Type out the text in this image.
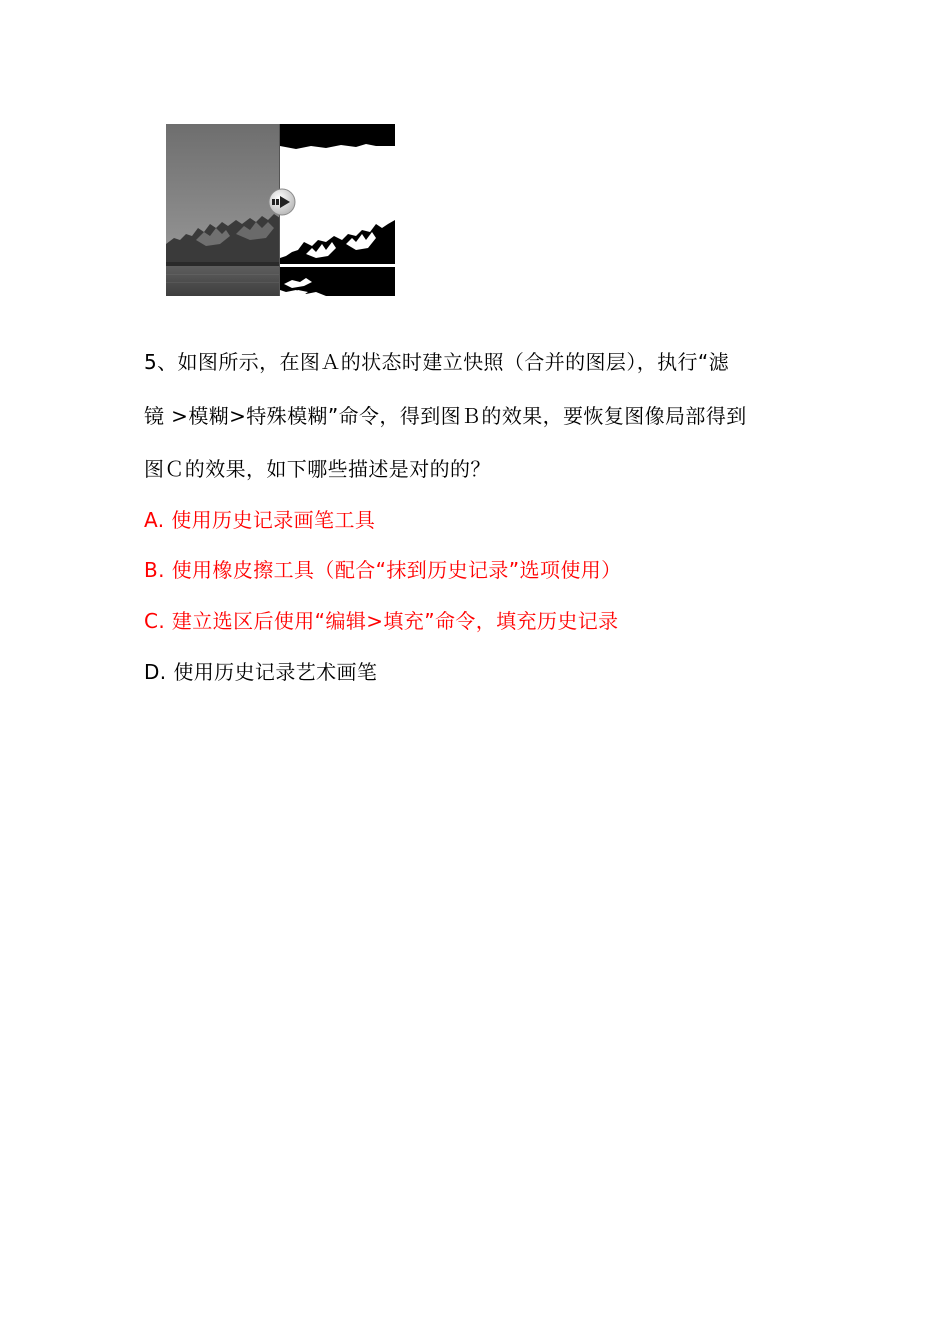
5、如图所示，在图Ａ的状态时建立快照（合并的图层），执行“滤
镜 >模糊>特殊模糊”命令，得到图Ｂ的效果，要恢复图像局部得到
图Ｃ的效果，如下哪些描述是对的的？
A. 使用历史记录画笔工具
B. 使用橡皮擦工具（配合“抹到历史记录”选项使用）
C. 建立选区后使用“编辑>填充”命令，填充历史记录
D. 使用历史记录艺术画笔
